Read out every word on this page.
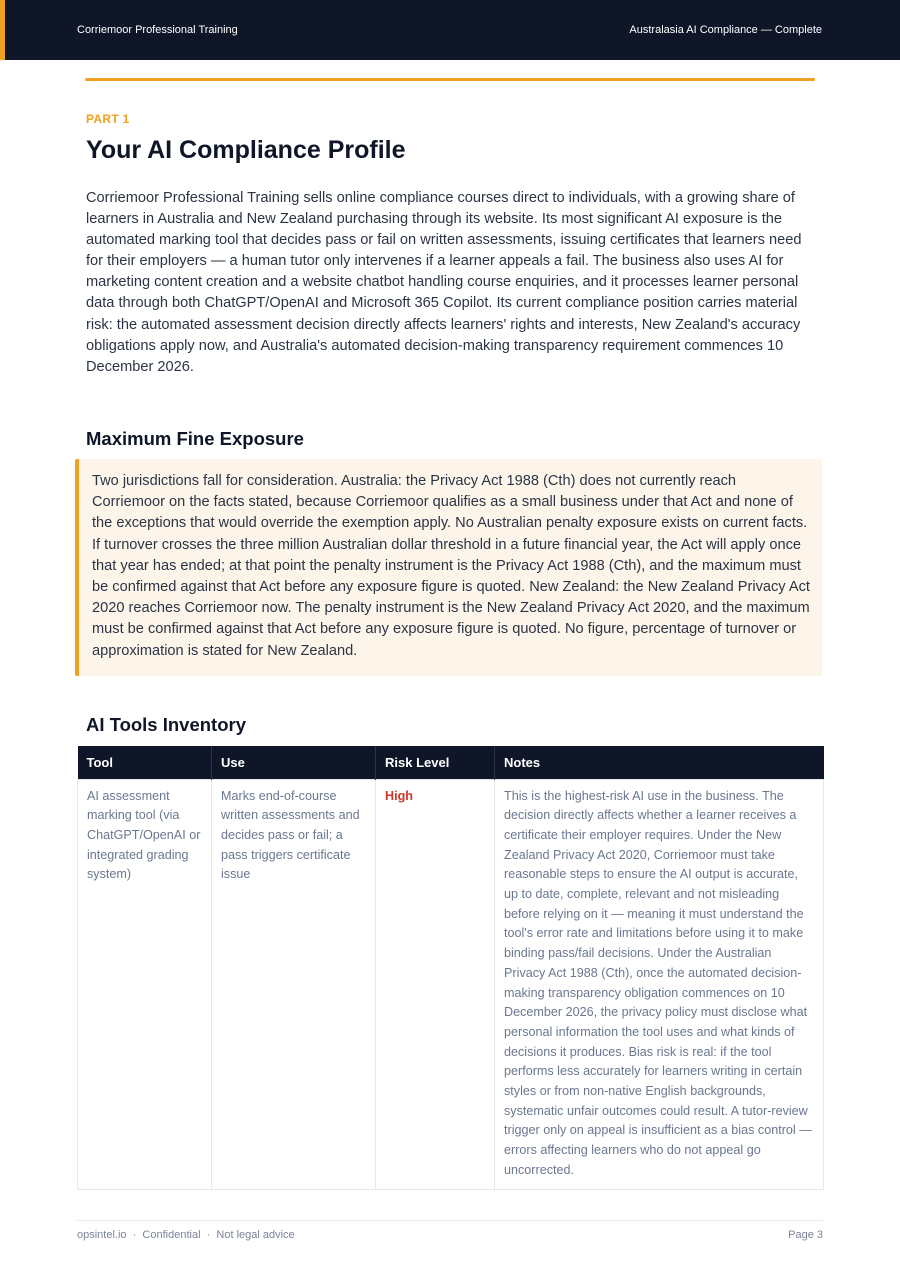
Corriemoor Professional Training	Australasia AI Compliance — Complete
PART 1
Your AI Compliance Profile

Corriemoor Professional Training sells online compliance courses direct to individuals, with a growing share of learners in Australia and New Zealand purchasing through its website. Its most significant AI exposure is the automated marking tool that decides pass or fail on written assessments, issuing certificates that learners need for their employers — a human tutor only intervenes if a learner appeals a fail. The business also uses AI for marketing content creation and a website chatbot handling course enquiries, and it processes learner personal data through both ChatGPT/OpenAI and Microsoft 365 Copilot. Its current compliance position carries material risk: the automated assessment decision directly affects learners' rights and interests, New Zealand's accuracy obligations apply now, and Australia's automated decision-making transparency requirement commences 10 December 2026.

Maximum Fine Exposure

Two jurisdictions fall for consideration. Australia: the Privacy Act 1988 (Cth) does not currently reach Corriemoor on the facts stated, because Corriemoor qualifies as a small business under that Act and none of the exceptions that would override the exemption apply. No Australian penalty exposure exists on current facts. If turnover crosses the three million Australian dollar threshold in a future financial year, the Act will apply once that year has ended; at that point the penalty instrument is the Privacy Act 1988 (Cth), and the maximum must be confirmed against that Act before any exposure figure is quoted. New Zealand: the New Zealand Privacy Act 2020 reaches Corriemoor now. The penalty instrument is the New Zealand Privacy Act 2020, and the maximum must be confirmed against that Act before any exposure figure is quoted. No figure, percentage of turnover or approximation is stated for New Zealand.

AI Tools Inventory
Tool	Use	Risk Level	Notes
AI assessment marking tool (via ChatGPT/OpenAI or integrated grading system)	Marks end-of-course written assessments and decides pass or fail; a pass triggers certificate issue	High	This is the highest-risk AI use in the business. The decision directly affects whether a learner receives a certificate their employer requires. Under the New Zealand Privacy Act 2020, Corriemoor must take reasonable steps to ensure the AI output is accurate, up to date, complete, relevant and not misleading before relying on it — meaning it must understand the tool's error rate and limitations before using it to make binding pass/fail decisions. Under the Australian Privacy Act 1988 (Cth), once the automated decision-making transparency obligation commences on 10 December 2026, the privacy policy must disclose what personal information the tool uses and what kinds of decisions it produces. Bias risk is real: if the tool performs less accurately for learners writing in certain styles or from non-native English backgrounds, systematic unfair outcomes could result. A tutor-review trigger only on appeal is insufficient as a bias control — errors affecting learners who do not appeal go uncorrected.
opsintel.io  ·  Confidential  ·  Not legal advice	Page 3
